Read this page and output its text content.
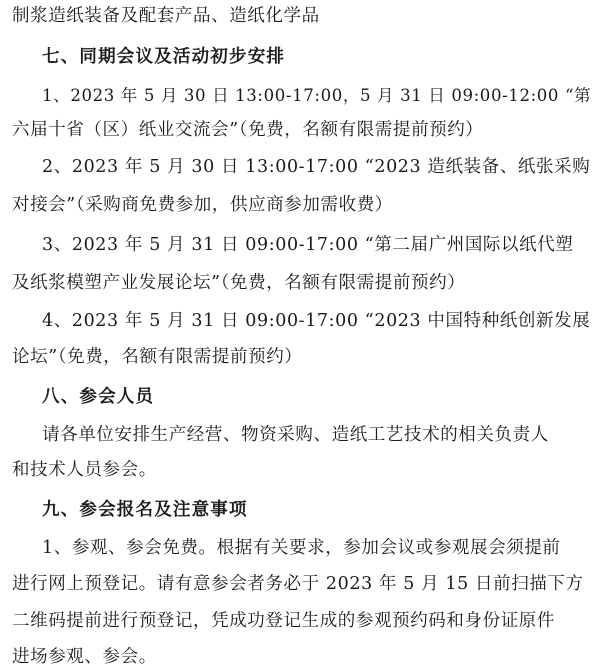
制浆造纸装备及配套产品、造纸化学品
七、同期会议及活动初步安排
1、2023 年 5 月 30 日 13:00-17:00，5 月 31 日 09:00-12:00 “第
六届十省（区）纸业交流会”（免费，名额有限需提前预约）
2、2023 年 5 月 30 日 13:00-17:00 “2023 造纸装备、纸张采购
对接会”（采购商免费参加，供应商参加需收费）
3、2023 年 5 月 31 日 09:00-17:00 “第二届广州国际以纸代塑
及纸浆模塑产业发展论坛”（免费，名额有限需提前预约）
4、2023 年 5 月 31 日 09:00-17:00 “2023 中国特种纸创新发展
论坛”（免费，名额有限需提前预约）
八、参会人员
请各单位安排生产经营、物资采购、造纸工艺技术的相关负责人
和技术人员参会。
九、参会报名及注意事项
1、参观、参会免费。根据有关要求，参加会议或参观展会须提前
进行网上预登记。请有意参会者务必于 2023 年 5 月 15 日前扫描下方
二维码提前进行预登记，凭成功登记生成的参观预约码和身份证原件
进场参观、参会。
